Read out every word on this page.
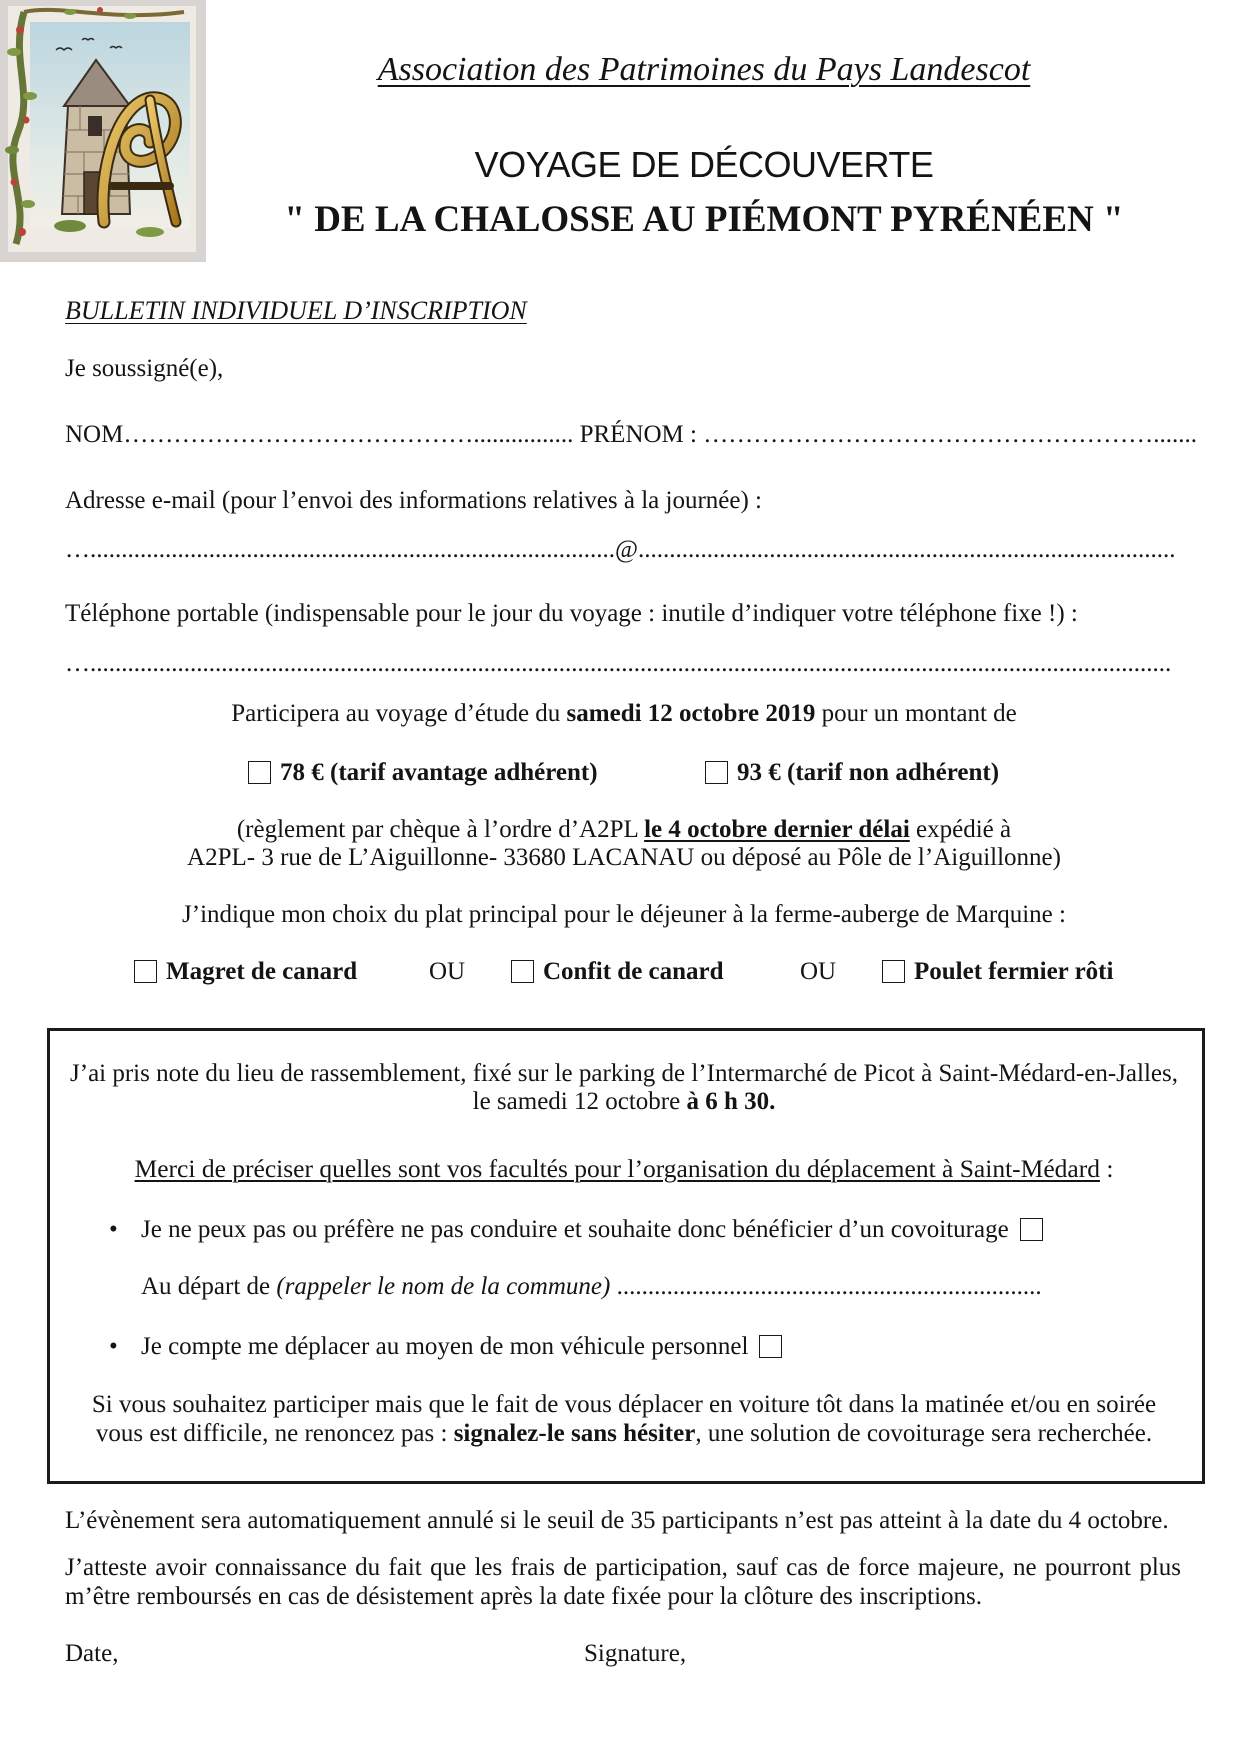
Association des Patrimoines du Pays Landescot
VOYAGE DE DÉCOUVERTE
" DE LA CHALOSSE AU PIÉMONT PYRÉNÉEN "
BULLETIN INDIVIDUEL D’INSCRIPTION
Je soussigné(e),
NOM……………………………………................ PRÉNOM : ……………………………………………….......
Adresse e-mail (pour l’envoi des informations relatives à la journée) :
…....................................................................................@......................................................................................
Téléphone portable (indispensable pour le jour du voyage : inutile d’indiquer votre téléphone fixe !) :
….............................................................................................................................................................................
Participera au voyage d’étude du samedi 12 octobre 2019 pour un montant de
78 € (tarif avantage adhérent)	93 € (tarif non adhérent)
(règlement par chèque à l’ordre d’A2PL le 4 octobre dernier délai expédié à
A2PL- 3 rue de L’Aiguillonne- 33680 LACANAU ou déposé au Pôle de l’Aiguillonne)
J’indique mon choix du plat principal pour le déjeuner à la ferme-auberge de Marquine :
Magret de canard	OU	Confit de canard	OU	Poulet fermier rôti
J’ai pris note du lieu de rassemblement, fixé sur le parking de l’Intermarché de Picot à Saint-Médard-en-Jalles,
le samedi 12 octobre à 6 h 30.
Merci de préciser quelles sont vos facultés pour l’organisation du déplacement à Saint-Médard :
• Je ne peux pas ou préfère ne pas conduire et souhaite donc bénéficier d’un covoiturage
Au départ de (rappeler le nom de la commune) ....................................................................
• Je compte me déplacer au moyen de mon véhicule personnel
Si vous souhaitez participer mais que le fait de vous déplacer en voiture tôt dans la matinée et/ou en soirée
vous est difficile, ne renoncez pas : signalez-le sans hésiter, une solution de covoiturage sera recherchée.
L’évènement sera automatiquement annulé si le seuil de 35 participants n’est pas atteint à la date du 4 octobre.
J’atteste avoir connaissance du fait que les frais de participation, sauf cas de force majeure, ne pourront plus
m’être remboursés en cas de désistement après la date fixée pour la clôture des inscriptions.
Date,	Signature,
